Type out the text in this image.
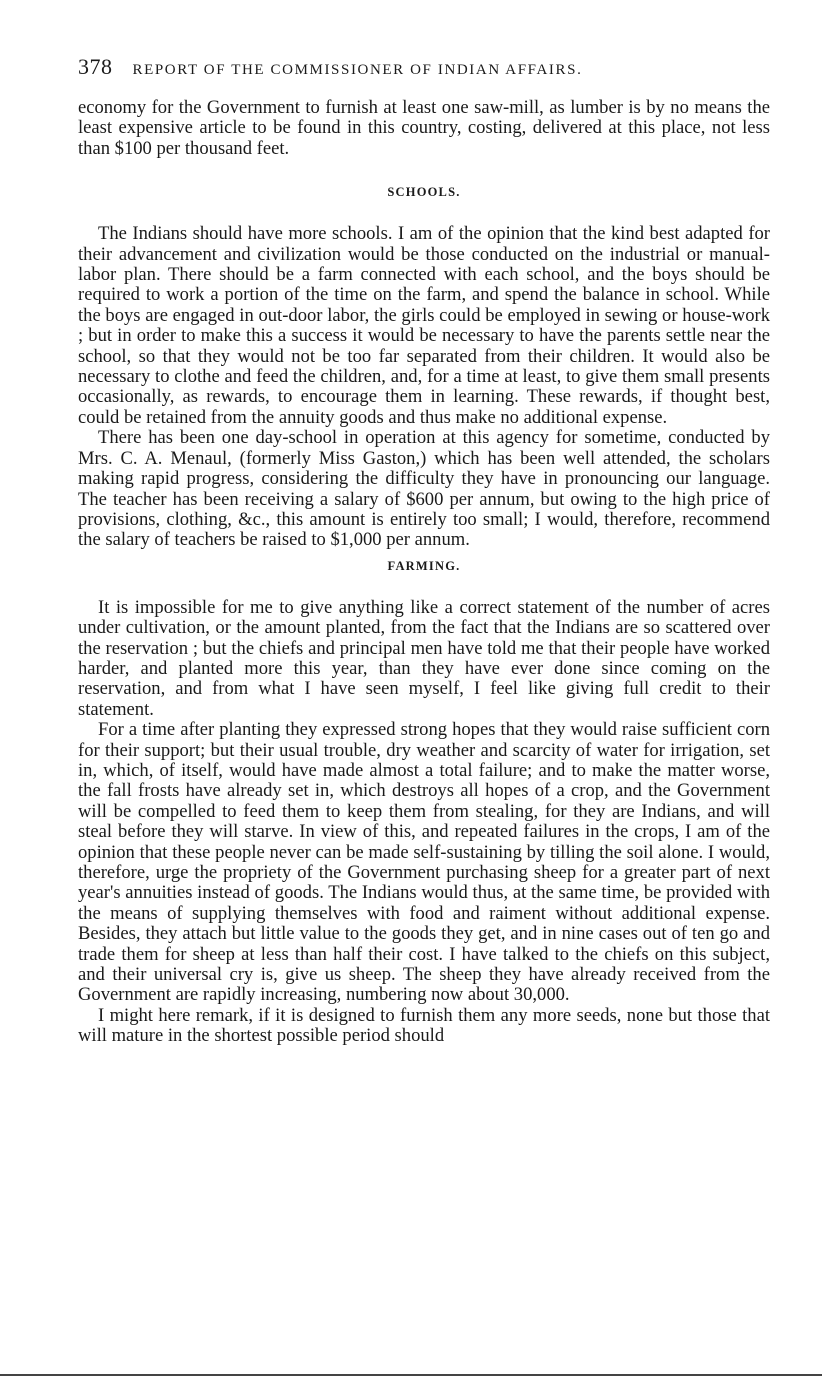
378 REPORT OF THE COMMISSIONER OF INDIAN AFFAIRS.

economy for the Government to furnish at least one saw-mill, as lumber is by no means the least expensive article to be found in this country, costing, delivered at this place, not less than $100 per thousand feet.

SCHOOLS.

The Indians should have more schools. I am of the opinion that the kind best adapted for their advancement and civilization would be those conducted on the industrial or manual-labor plan. There should be a farm connected with each school, and the boys should be required to work a portion of the time on the farm, and spend the balance in school. While the boys are engaged in out-door labor, the girls could be employed in sewing or house-work ; but in order to make this a success it would be necessary to have the parents settle near the school, so that they would not be too far separated from their children. It would also be necessary to clothe and feed the children, and, for a time at least, to give them small presents occasionally, as rewards, to encourage them in learning. These rewards, if thought best, could be retained from the annuity goods and thus make no additional expense.

There has been one day-school in operation at this agency for sometime, conducted by Mrs. C. A. Menaul, (formerly Miss Gaston,) which has been well attended, the scholars making rapid progress, considering the difficulty they have in pronouncing our language. The teacher has been receiving a salary of $600 per annum, but owing to the high price of provisions, clothing, &c., this amount is entirely too small; I would, therefore, recommend the salary of teachers be raised to $1,000 per annum.

FARMING.

It is impossible for me to give anything like a correct statement of the number of acres under cultivation, or the amount planted, from the fact that the Indians are so scattered over the reservation ; but the chiefs and principal men have told me that their people have worked harder, and planted more this year, than they have ever done since coming on the reservation, and from what I have seen myself, I feel like giving full credit to their statement.

For a time after planting they expressed strong hopes that they would raise sufficient corn for their support; but their usual trouble, dry weather and scarcity of water for irrigation, set in, which, of itself, would have made almost a total failure; and to make the matter worse, the fall frosts have already set in, which destroys all hopes of a crop, and the Government will be compelled to feed them to keep them from stealing, for they are Indians, and will steal before they will starve. In view of this, and repeated failures in the crops, I am of the opinion that these people never can be made self-sustaining by tilling the soil alone. I would, therefore, urge the propriety of the Government purchasing sheep for a greater part of next year's annuities instead of goods. The Indians would thus, at the same time, be provided with the means of supplying themselves with food and raiment without additional expense. Besides, they attach but little value to the goods they get, and in nine cases out of ten go and trade them for sheep at less than half their cost. I have talked to the chiefs on this subject, and their universal cry is, give us sheep. The sheep they have already received from the Government are rapidly increasing, numbering now about 30,000.

I might here remark, if it is designed to furnish them any more seeds, none but those that will mature in the shortest possible period should
